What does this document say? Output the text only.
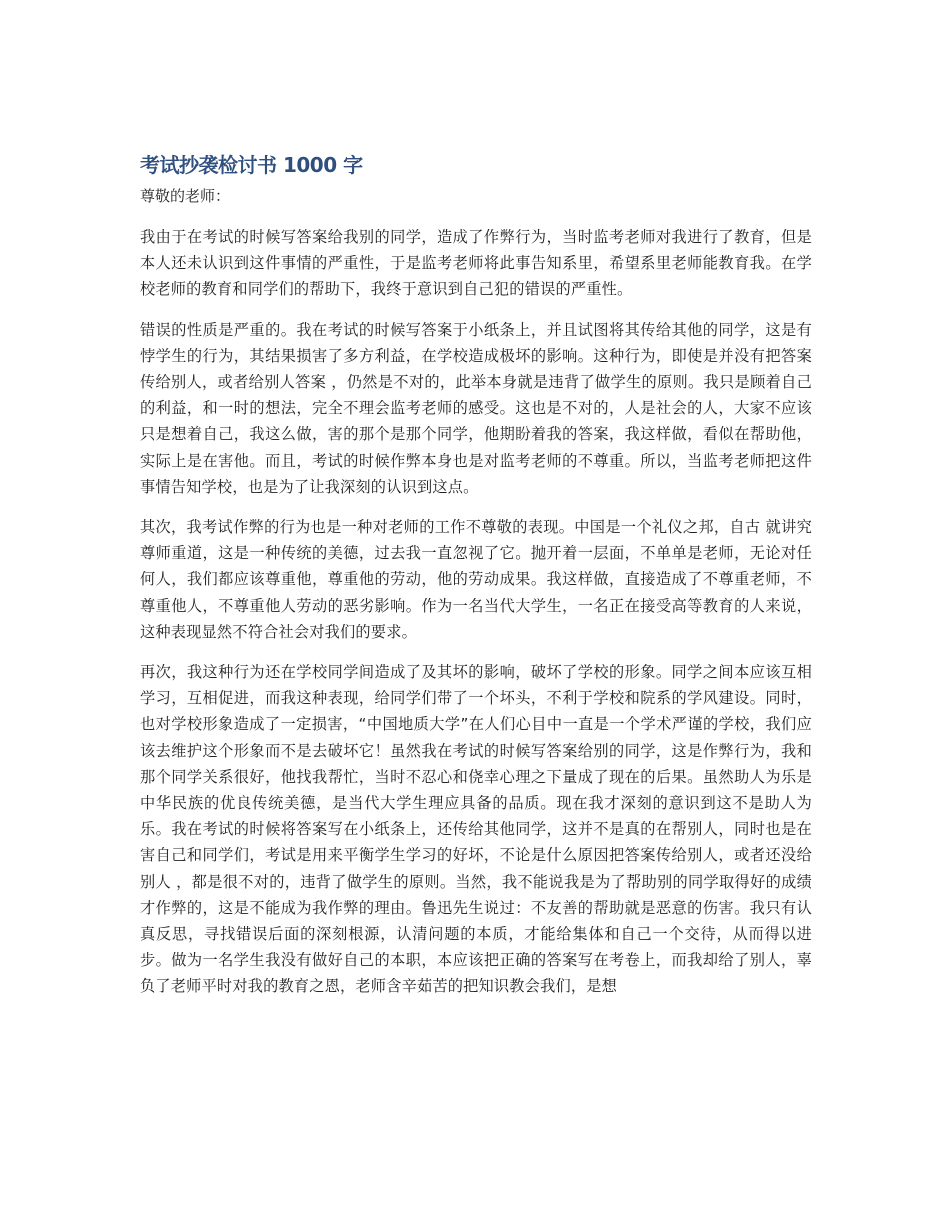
考试抄袭检讨书 1000 字

尊敬的老师：

我由于在考试的时候写答案给我别的同学，造成了作弊行为，当时监考老师对我进行了教育，但是本人还未认识到这件事情的严重性，于是监考老师将此事告知系里，希望系里老师能教育我。在学校老师的教育和同学们的帮助下，我终于意识到自己犯的错误的严重性。

错误的性质是严重的。我在考试的时候写答案于小纸条上，并且试图将其传给其他的同学，这是有悖学生的行为，其结果损害了多方利益，在学校造成极坏的影响。这种行为，即使是并没有把答案传给别人，或者给别人答案 ，仍然是不对的，此举本身就是违背了做学生的原则。我只是顾着自己的利益，和一时的想法，完全不理会监考老师的感受。这也是不对的，人是社会的人，大家不应该只是想着自己，我这么做，害的那个是那个同学，他期盼着我的答案，我这样做，看似在帮助他，实际上是在害他。而且，考试的时候作弊本身也是对监考老师的不尊重。所以，当监考老师把这件事情告知学校，也是为了让我深刻的认识到这点。

其次，我考试作弊的行为也是一种对老师的工作不尊敬的表现。中国是一个礼仪之邦，自古 就讲究尊师重道，这是一种传统的美德，过去我一直忽视了它。抛开着一层面，不单单是老师，无论对任何人，我们都应该尊重他，尊重他的劳动，他的劳动成果。我这样做，直接造成了不尊重老师，不尊重他人，不尊重他人劳动的恶劣影响。作为一名当代大学生，一名正在接受高等教育的人来说，这种表现显然不符合社会对我们的要求。

再次，我这种行为还在学校同学间造成了及其坏的影响，破坏了学校的形象。同学之间本应该互相学习，互相促进，而我这种表现，给同学们带了一个坏头，不利于学校和院系的学风建设。同时，也对学校形象造成了一定损害，“中国地质大学”在人们心目中一直是一个学术严谨的学校，我们应该去维护这个形象而不是去破坏它！虽然我在考试的时候写答案给别的同学，这是作弊行为，我和那个同学关系很好，他找我帮忙，当时不忍心和侥幸心理之下量成了现在的后果。虽然助人为乐是中华民族的优良传统美德，是当代大学生理应具备的品质。现在我才深刻的意识到这不是助人为乐。我在考试的时候将答案写在小纸条上，还传给其他同学，这并不是真的在帮别人，同时也是在害自己和同学们，考试是用来平衡学生学习的好坏，不论是什么原因把答案传给别人，或者还没给别人 ，都是很不对的，违背了做学生的原则。当然，我不能说我是为了帮助别的同学取得好的成绩才作弊的，这是不能成为我作弊的理由。鲁迅先生说过：不友善的帮助就是恶意的伤害。我只有认真反思，寻找错误后面的深刻根源，认清问题的本质，才能给集体和自己一个交待，从而得以进步。做为一名学生我没有做好自己的本职，本应该把正确的答案写在考卷上，而我却给了别人，辜负了老师平时对我的教育之恩，老师含辛茹苦的把知识教会我们，是想
